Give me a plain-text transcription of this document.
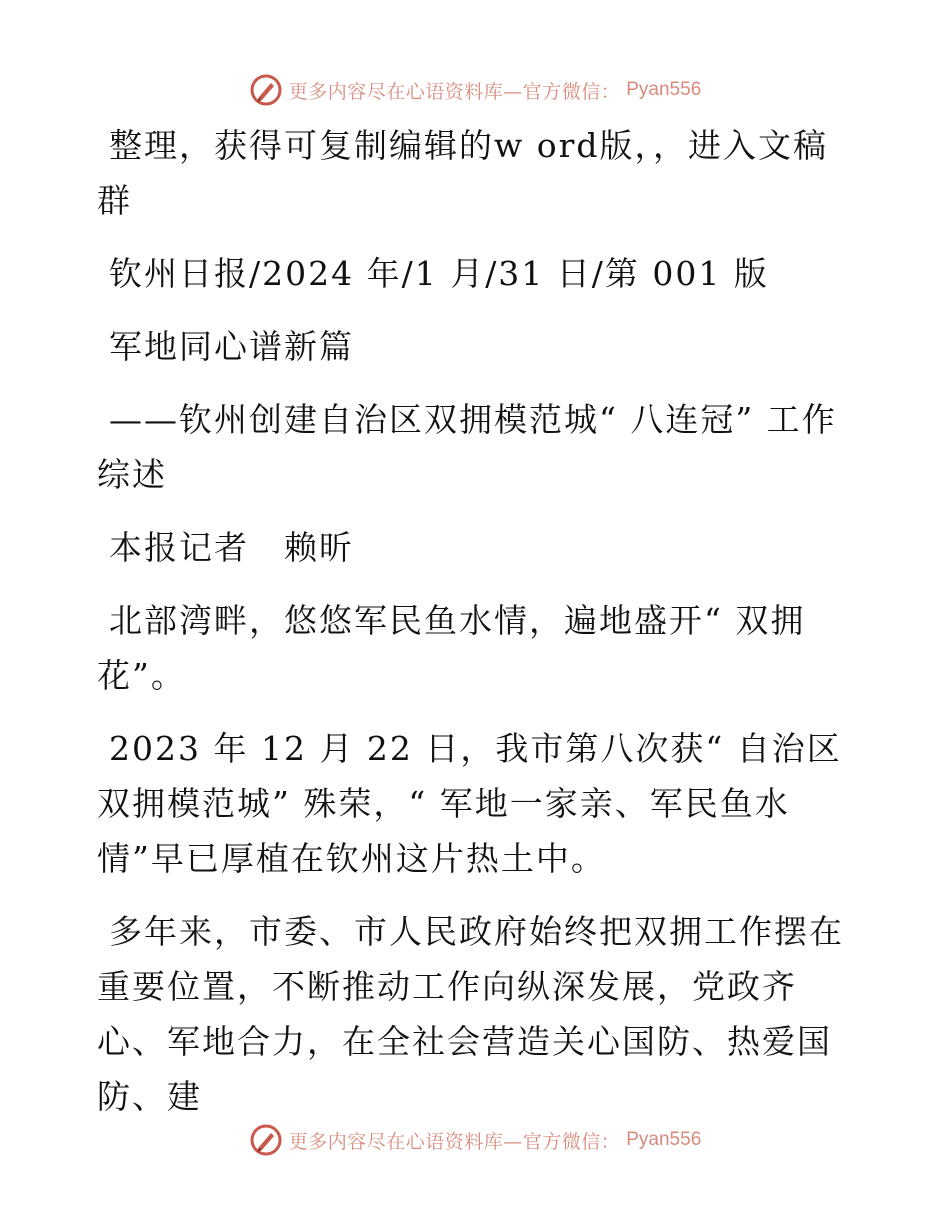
更多内容尽在心语资料库—官方微信： Pyan556

整理，获得可复制编辑的w ord版，，进入文稿群

钦州日报/2024 年/1 月/31 日/第 001 版

军地同心谱新篇

——钦州创建自治区双拥模范城“ 八连冠” 工作综述

本报记者　赖昕

北部湾畔，悠悠军民鱼水情，遍地盛开“ 双拥花”。

2023 年 12 月 22 日，我市第八次获“ 自治区双拥模范城” 殊荣，“ 军地一家亲、军民鱼水情”早已厚植在钦州这片热土中。

多年来，市委、市人民政府始终把双拥工作摆在重要位置，不断推动工作向纵深发展，党政齐心、军地合力，在全社会营造关心国防、热爱国防、建

更多内容尽在心语资料库—官方微信： Pyan556
